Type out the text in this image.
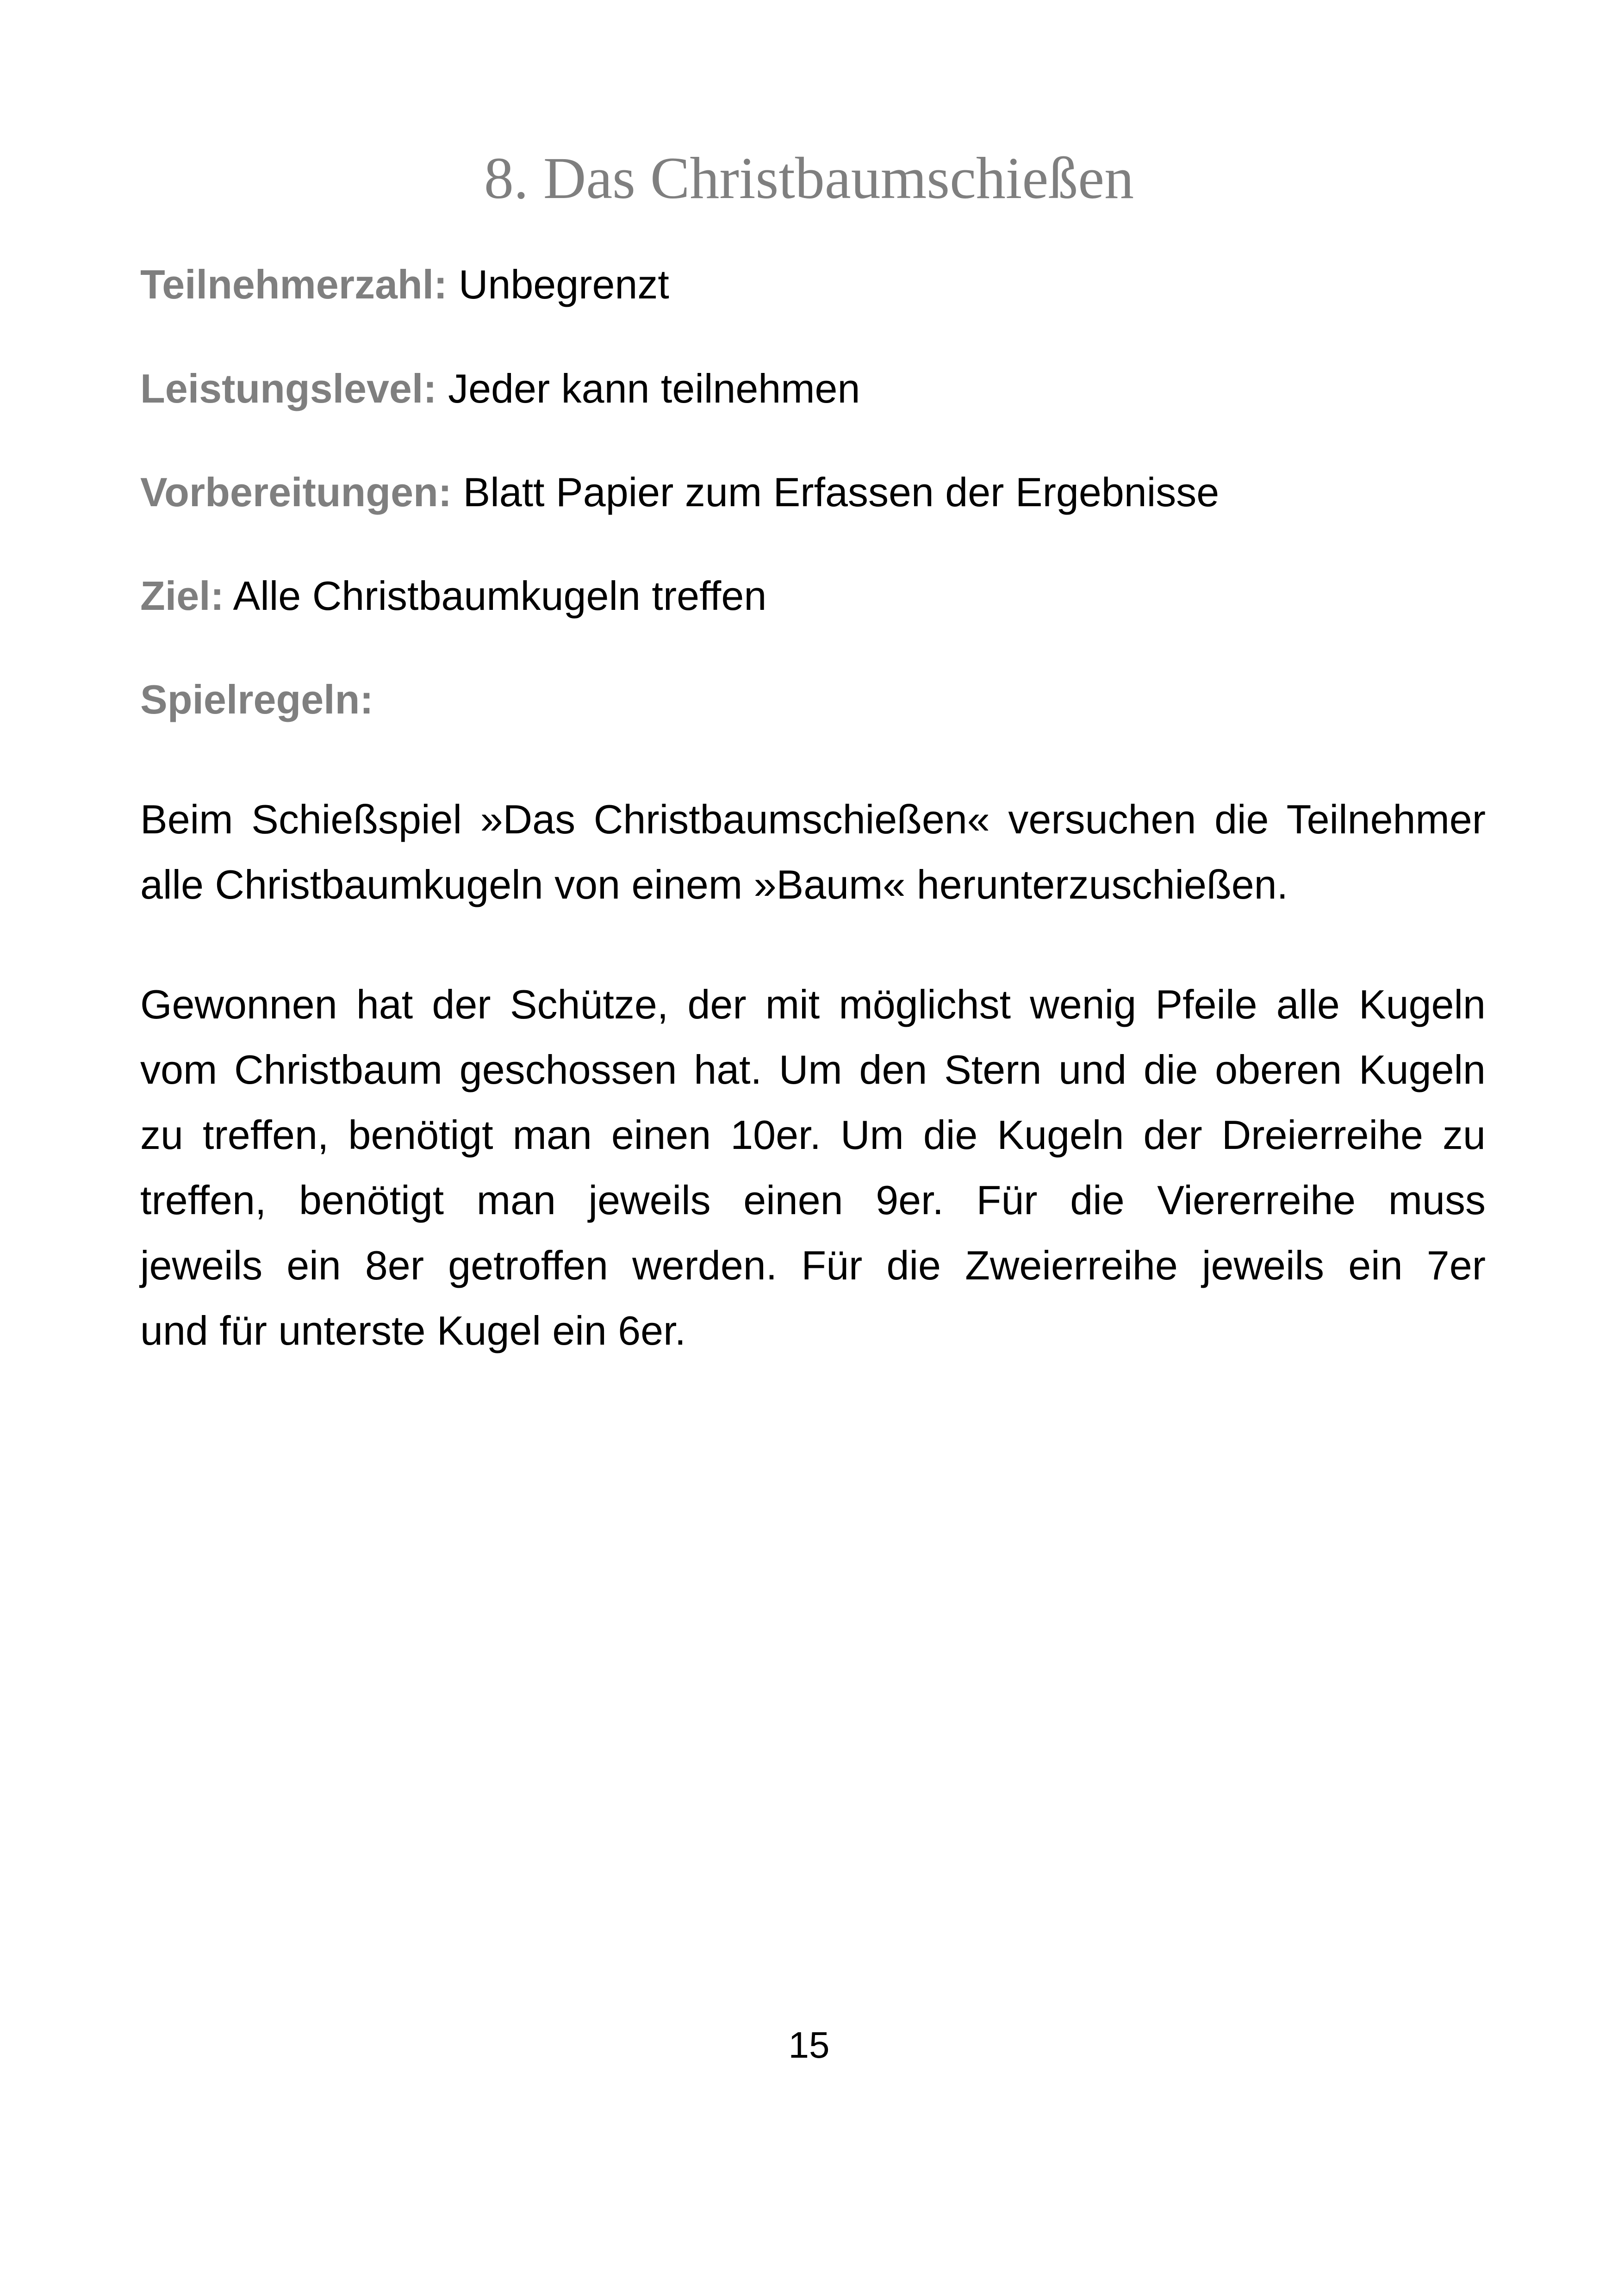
8. Das Christbaumschießen
Teilnehmerzahl: Unbegrenzt
Leistungslevel: Jeder kann teilnehmen
Vorbereitungen: Blatt Papier zum Erfassen der Ergebnisse
Ziel: Alle Christbaumkugeln treffen
Spielregeln:
Beim Schießspiel »Das Christbaumschießen« versuchen die Teilnehmer
alle Christbaumkugeln von einem »Baum« herunterzuschießen.
Gewonnen hat der Schütze, der mit möglichst wenig Pfeile alle Kugeln
vom Christbaum geschossen hat. Um den Stern und die oberen Kugeln
zu treffen, benötigt man einen 10er. Um die Kugeln der Dreierreihe zu
treffen, benötigt man jeweils einen 9er. Für die Viererreihe muss
jeweils ein 8er getroffen werden. Für die Zweierreihe jeweils ein 7er
und für unterste Kugel ein 6er.
15
